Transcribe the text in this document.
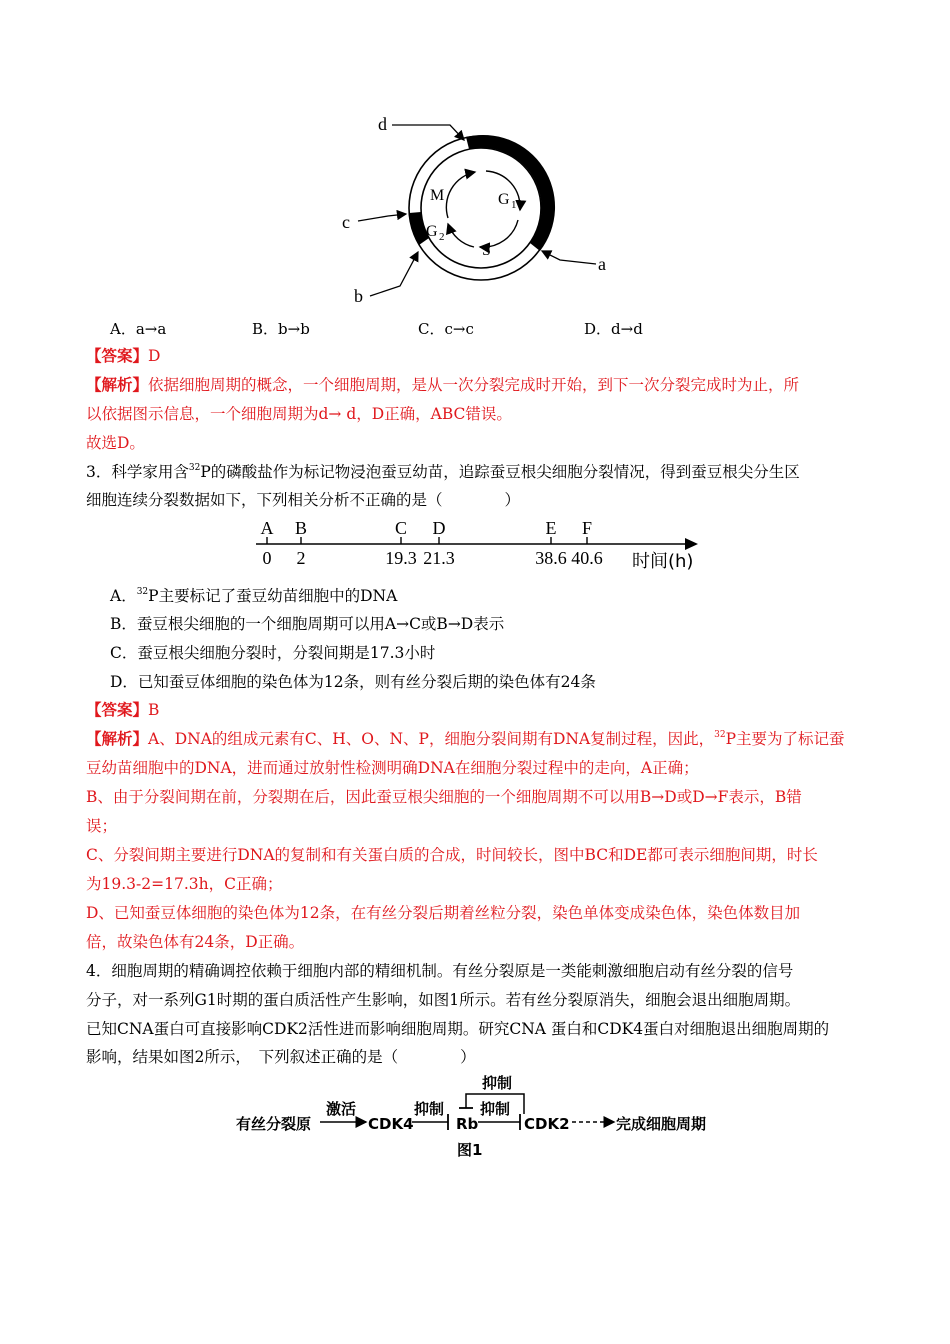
d
c
b
a
M	G 1
G 2
S
A．a→a	B．b→b	C．c→c	D．d→d
【答案】D
【解析】依据细胞周期的概念，一个细胞周期，是从一次分裂完成时开始，到下一次分裂完成时为止，所
以依据图示信息，一个细胞周期为d→ d，D正确，ABC错误。
故选D。
3．科学家用含$^{32}$P的磷酸盐作为标记物浸泡蚕豆幼苗，追踪蚕豆根尖细胞分裂情况，得到蚕豆根尖分生区
细胞连续分裂数据如下，下列相关分析不正确的是（　　　　）
A
0
B
2
C
19.3
D
21.3
E
38.6
F
40.6 时间(h)
A．$^{32}$P主要标记了蚕豆幼苗细胞中的DNA
B．蚕豆根尖细胞的一个细胞周期可以用A→C或B→D表示
C．蚕豆根尖细胞分裂时，分裂间期是17.3小时
D．已知蚕豆体细胞的染色体为12条，则有丝分裂后期的染色体有24条
【答案】B
【解析】A、DNA的组成元素有C、H、O、N、P，细胞分裂间期有DNA复制过程，因此，$^{32}$P主要为了标记蚕
豆幼苗细胞中的DNA，进而通过放射性检测明确DNA在细胞分裂过程中的走向，A正确；
B、由于分裂间期在前，分裂期在后，因此蚕豆根尖细胞的一个细胞周期不可以用B→D或D→F表示，B错
误；
C、分裂间期主要进行DNA的复制和有关蛋白质的合成，时间较长，图中BC和DE都可表示细胞间期，时长
为19.3-2=17.3h，C正确；
D、已知蚕豆体细胞的染色体为12条，在有丝分裂后期着丝粒分裂，染色单体变成染色体，染色体数目加
倍，故染色体有24条，D正确。
4．细胞周期的精确调控依赖于细胞内部的精细机制。有丝分裂原是一类能刺激细胞启动有丝分裂的信号
分子，对一系列G1时期的蛋白质活性产生影响，如图1所示。若有丝分裂原消失，细胞会退出细胞周期。
已知CNA蛋白可直接影响CDK2活性进而影响细胞周期。研究CNA 蛋白和CDK4蛋白对细胞退出细胞周期的
影响，结果如图2所示，　下列叙述正确的是（　　　　）
有丝分裂原
激活
CDK4
抑制
Rb
抑制
抑制
CDK2	完成细胞周期
图1
